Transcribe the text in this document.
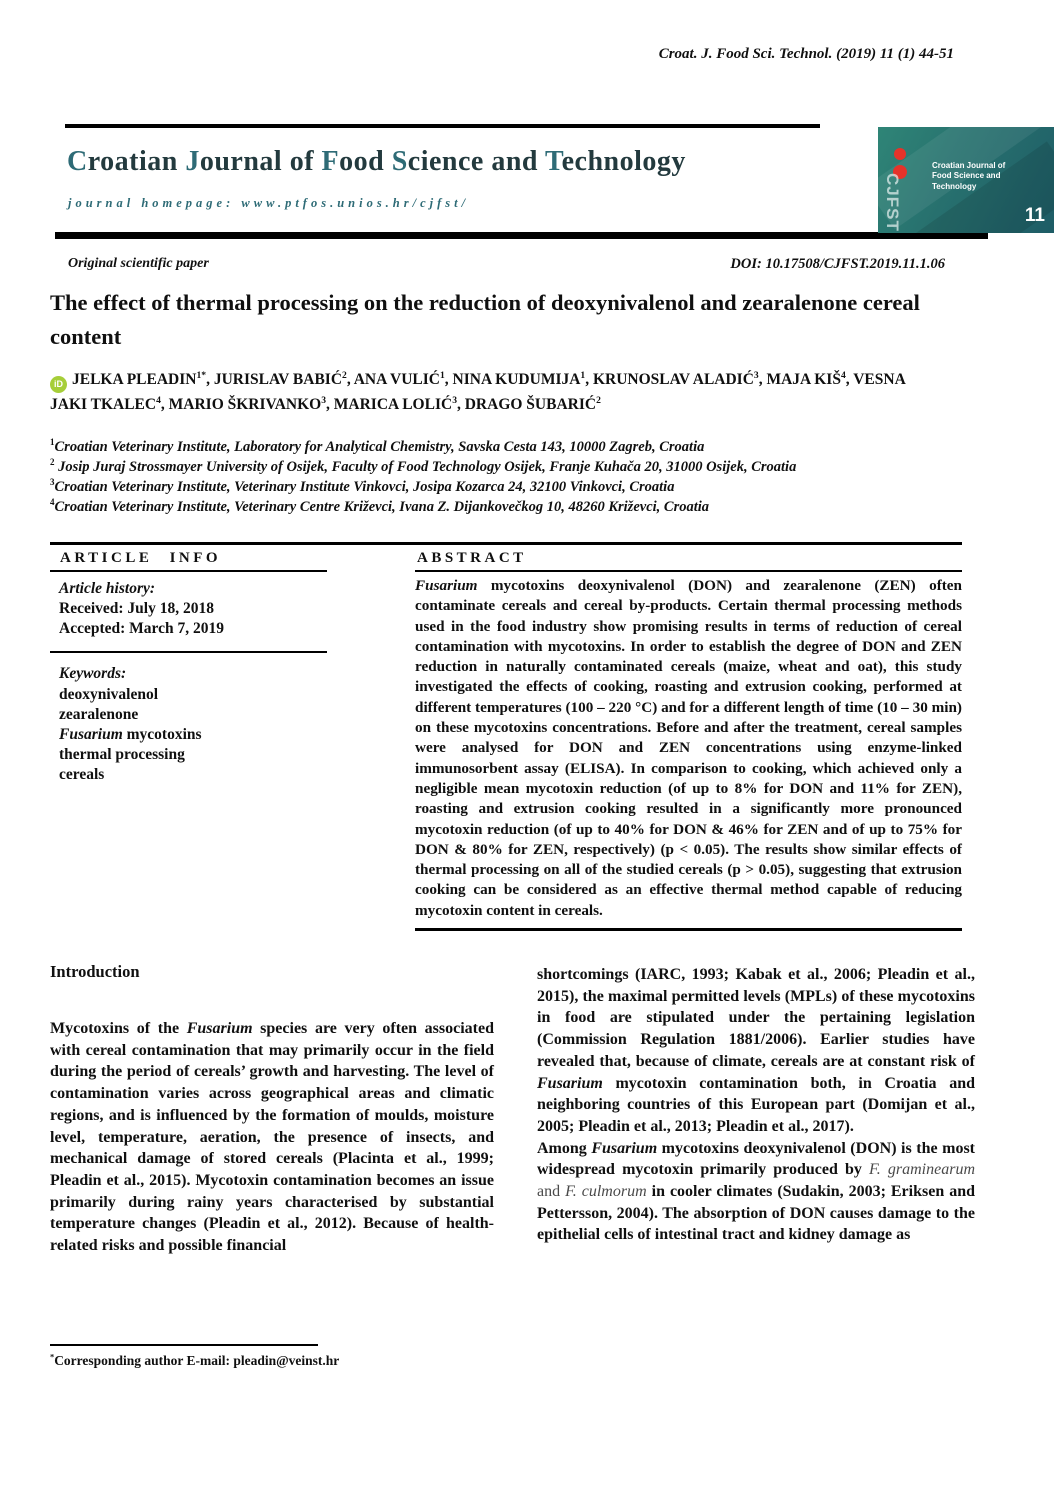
Croat. J. Food Sci. Technol. (2019) 11 (1) 44-51
Croatian Journal of Food Science and Technology
journal homepage: www.ptfos.unios.hr/cjfst/	CJFST
Croatian Journal of Food Science and Technology
11
Original scientific paper	DOI: 10.17508/CJFST.2019.11.1.06
The effect of thermal processing on the reduction of deoxynivalenol and zearalenone cereal content
iD JELKA $PLEADIN^{1*}$, JURISLAV BABIĆ$^2$, ANA VULIĆ$^1$, NINA KUDUMIJA$^1$, KRUNOSLAV ALADIĆ$^3$, MAJA KIŠ$^4$, VESNA JAKI TKALEC$^4$, MARIO ŠKRIVANKO$^3$, MARICA LOLIĆ$^3$, DRAGO ŠUBARIĆ$^2$
$^1$Croatian Veterinary Institute, Laboratory for Analytical Chemistry, Savska Cesta 143, 10000 Zagreb, Croatia
$^2$ Josip Juraj Strossmayer University of Osijek, Faculty of Food Technology Osijek, Franje Kuhača 20, 31000 Osijek, Croatia
$^3$Croatian Veterinary Institute, Veterinary Institute Vinkovci, Josipa Kozarca 24, 32100 Vinkovci, Croatia
$^4$Croatian Veterinary Institute, Veterinary Centre Križevci, Ivana Z. Dijankovečkog 10, 48260 Križevci, Croatia
ARTICLE INFO
Article history:
Received: July 18, 2018
Accepted: March 7, 2019
Keywords:
deoxynivalenol
zearalenone
Fusarium mycotoxins
thermal processing
cereals
ABSTRACT

Fusarium mycotoxins deoxynivalenol (DON) and zearalenone (ZEN) often contaminate cereals and cereal by-products. Certain thermal processing methods used in the food industry show promising results in terms of reduction of cereal contamination with mycotoxins. In order to establish the degree of DON and ZEN reduction in naturally contaminated cereals (maize, wheat and oat), this study investigated the effects of cooking, roasting and extrusion cooking, performed at different temperatures (100 – 220 °C) and for a different length of time (10 – 30 min) on these mycotoxins concentrations. Before and after the treatment, cereal samples were analysed for DON and ZEN concentrations using enzyme-linked immunosorbent assay (ELISA). In comparison to cooking, which achieved only a negligible mean mycotoxin reduction (of up to 8% for DON and 11% for ZEN), roasting and extrusion cooking resulted in a significantly more pronounced mycotoxin reduction (of up to 40% for DON & 46% for ZEN and of up to 75% for DON & 80% for ZEN, respectively) (p < 0.05). The results show similar effects of thermal processing on all of the studied cereals (p > 0.05), suggesting that extrusion cooking can be considered as an effective thermal method capable of reducing mycotoxin content in cereals.

Introduction

Mycotoxins of the Fusarium species are very often associated with cereal contamination that may primarily occur in the field during the period of cereals’ growth and harvesting. The level of contamination varies across geographical areas and climatic regions, and is influenced by the formation of moulds, moisture level, temperature, aeration, the presence of insects, and mechanical damage of stored cereals (Placinta et al., 1999; Pleadin et al., 2015). Mycotoxin contamination becomes an issue primarily during rainy years characterised by substantial temperature changes (Pleadin et al., 2012). Because of health-related risks and possible financial

shortcomings (IARC, 1993; Kabak et al., 2006; Pleadin et al., 2015), the maximal permitted levels (MPLs) of these mycotoxins in food are stipulated under the pertaining legislation (Commission Regulation 1881/2006). Earlier studies have revealed that, because of climate, cereals are at constant risk of Fusarium mycotoxin contamination both, in Croatia and neighboring countries of this European part (Domijan et al., 2005; Pleadin et al., 2013; Pleadin et al., 2017).

Among Fusarium mycotoxins deoxynivalenol (DON) is the most widespread mycotoxin primarily produced by F. graminearum and F. culmorum in cooler climates (Sudakin, 2003; Eriksen and Pettersson, 2004). The absorption of DON causes damage to the epithelial cells of intestinal tract and kidney damage as

*Corresponding author E-mail: pleadin@veinst.hr
